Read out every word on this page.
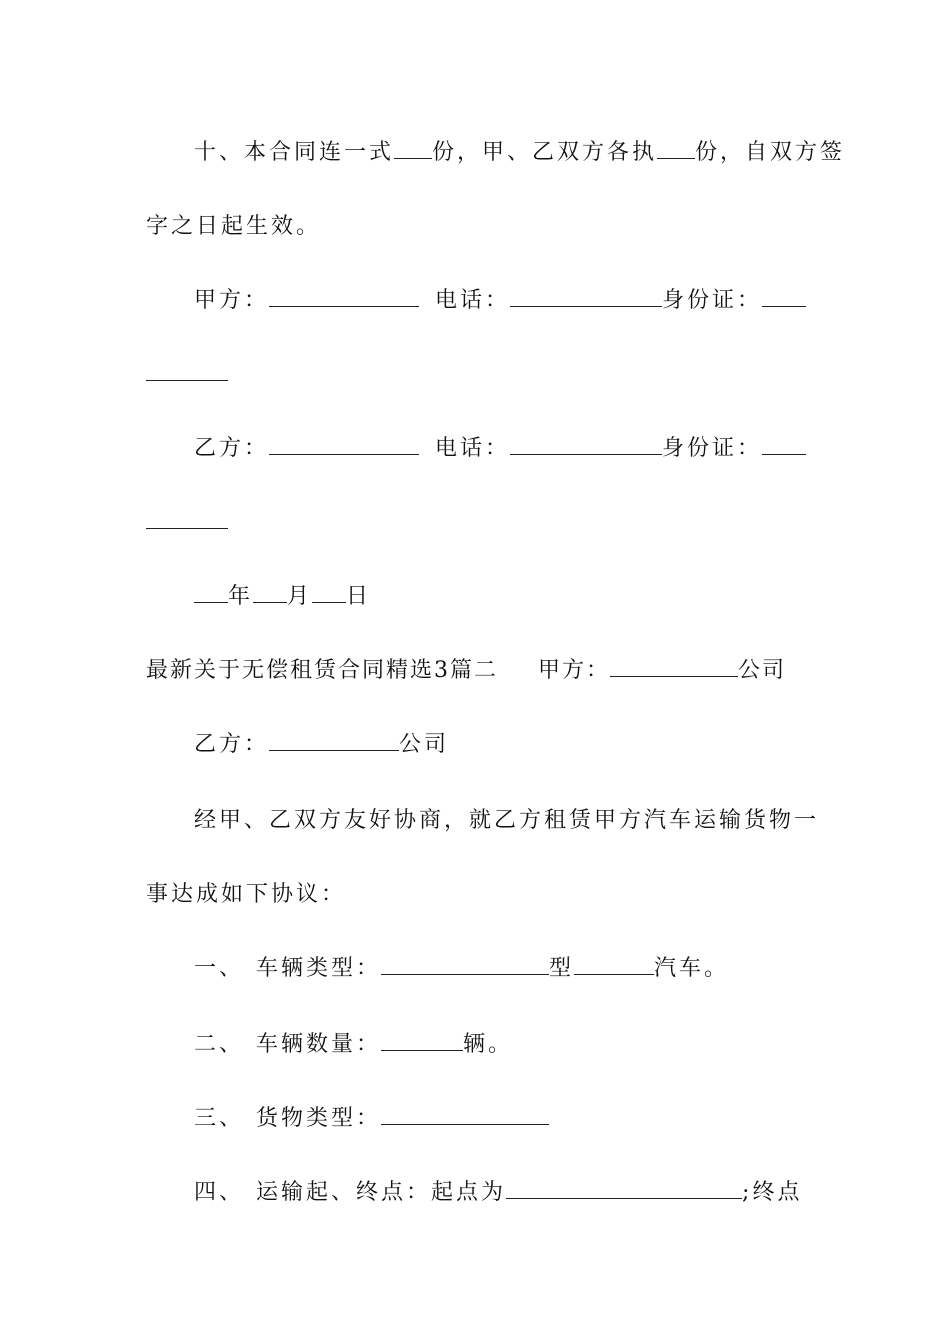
十、本合同连一式 份，甲、乙双方各执 份，自双方签
字之日起生效。
甲方：	电话：	身份证：
乙方：	电话：	身份证：
年 月 日
最新关于无偿租赁合同精选3篇二 甲方：	公司
乙方：	公司
经甲、乙双方友好协商，就乙方租赁甲方汽车运输货物一
事达成如下协议：
一、 车辆类型：	型	汽车。
二、 车辆数量：	辆。
三、 货物类型：
四、 运输起、终点：起点为	;终点
